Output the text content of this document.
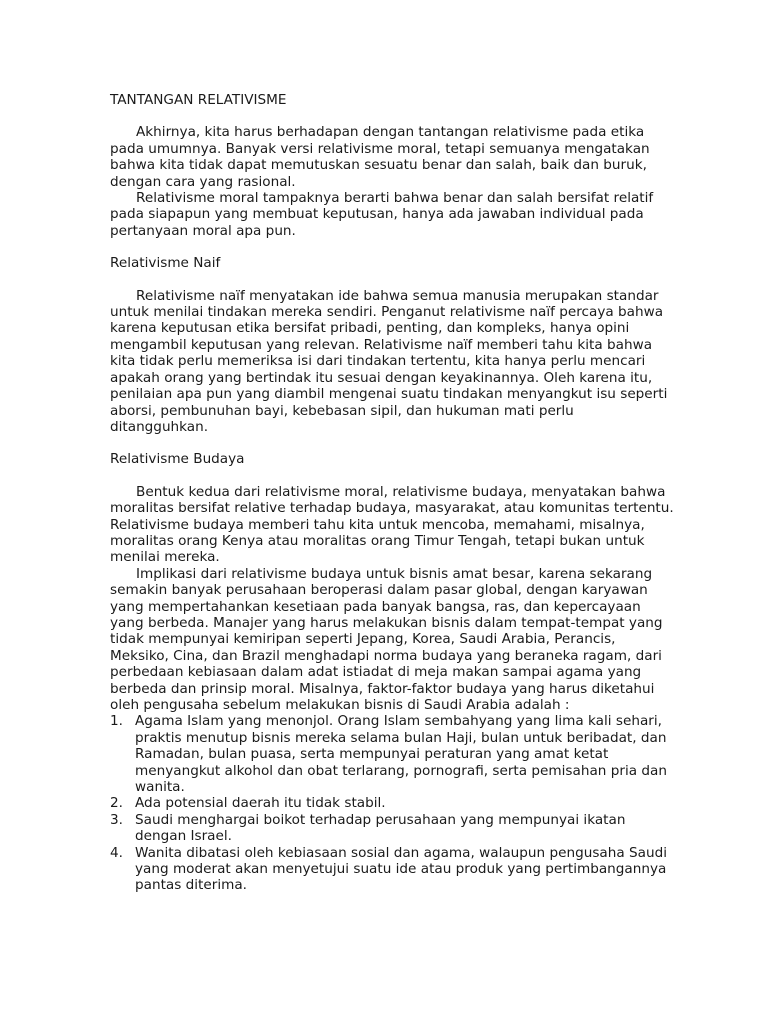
TANTANGAN RELATIVISME

Akhirnya, kita harus berhadapan dengan tantangan relativisme pada etika pada umumnya. Banyak versi relativisme moral, tetapi semuanya mengatakan bahwa kita tidak dapat memutuskan sesuatu benar dan salah, baik dan buruk, dengan cara yang rasional.

Relativisme moral tampaknya berarti bahwa benar dan salah bersifat relatif pada siapapun yang membuat keputusan, hanya ada jawaban individual pada pertanyaan moral apa pun.

Relativisme Naif

Relativisme naïf menyatakan ide bahwa semua manusia merupakan standar untuk menilai tindakan mereka sendiri. Penganut relativisme naïf percaya bahwa karena keputusan etika bersifat pribadi, penting, dan kompleks, hanya opini mengambil keputusan yang relevan. Relativisme naïf memberi tahu kita bahwa kita tidak perlu memeriksa isi dari tindakan tertentu, kita hanya perlu mencari apakah orang yang bertindak itu sesuai dengan keyakinannya. Oleh karena itu, penilaian apa pun yang diambil mengenai suatu tindakan menyangkut isu seperti aborsi, pembunuhan bayi, kebebasan sipil, dan hukuman mati perlu ditangguhkan.

Relativisme Budaya

Bentuk kedua dari relativisme moral, relativisme budaya, menyatakan bahwa moralitas bersifat relative terhadap budaya, masyarakat, atau komunitas tertentu. Relativisme budaya memberi tahu kita untuk mencoba, memahami, misalnya, moralitas orang Kenya atau moralitas orang Timur Tengah, tetapi bukan untuk menilai mereka.

Implikasi dari relativisme budaya untuk bisnis amat besar, karena sekarang semakin banyak perusahaan beroperasi dalam pasar global, dengan karyawan yang mempertahankan kesetiaan pada banyak bangsa, ras, dan kepercayaan yang berbeda. Manajer yang harus melakukan bisnis dalam tempat-tempat yang tidak mempunyai kemiripan seperti Jepang, Korea, Saudi Arabia, Perancis, Meksiko, Cina, dan Brazil menghadapi norma budaya yang beraneka ragam, dari perbedaan kebiasaan dalam adat istiadat di meja makan sampai agama yang berbeda dan prinsip moral. Misalnya, faktor-faktor budaya yang harus diketahui oleh pengusaha sebelum melakukan bisnis di Saudi Arabia adalah :

1. Agama Islam yang menonjol. Orang Islam sembahyang yang lima kali sehari, praktis menutup bisnis mereka selama bulan Haji, bulan untuk beribadat, dan Ramadan, bulan puasa, serta mempunyai peraturan yang amat ketat menyangkut alkohol dan obat terlarang, pornografi, serta pemisahan pria dan wanita.
2. Ada potensial daerah itu tidak stabil.
3. Saudi menghargai boikot terhadap perusahaan yang mempunyai ikatan dengan Israel.
4. Wanita dibatasi oleh kebiasaan sosial dan agama, walaupun pengusaha Saudi yang moderat akan menyetujui suatu ide atau produk yang pertimbangannya pantas diterima.
